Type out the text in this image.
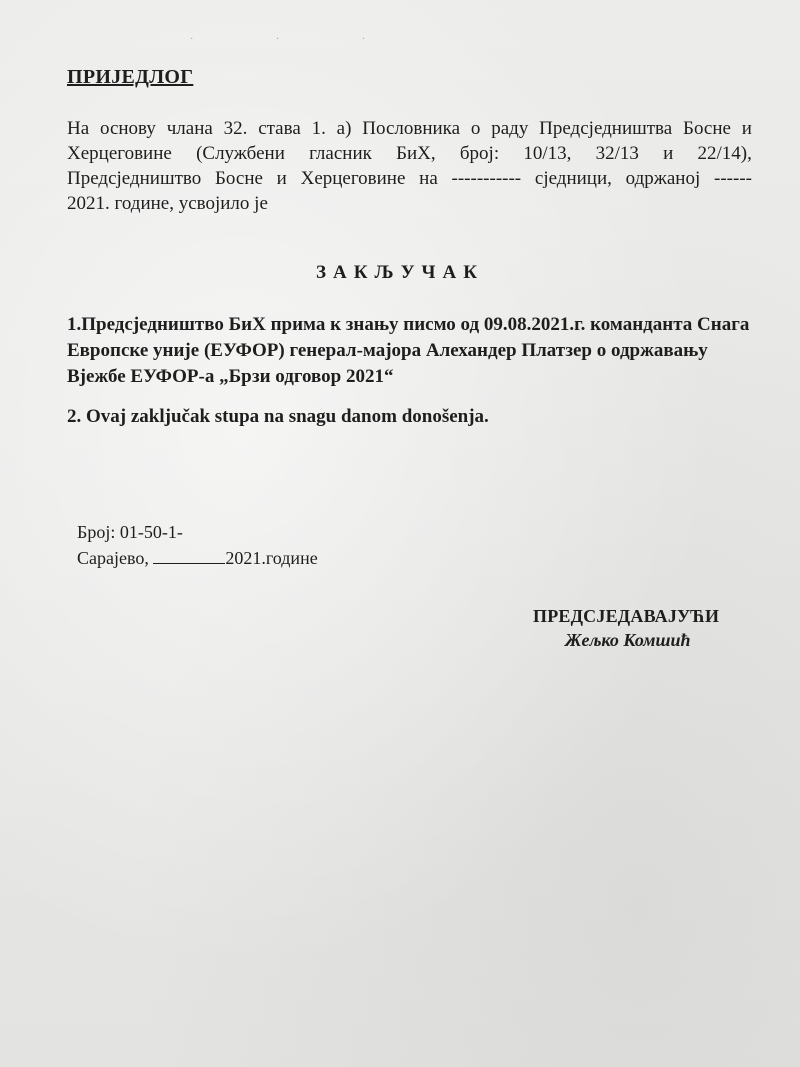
· · ·
ПРИЈЕДЛОГ
На основу члана 32. става 1. а) Пословника о раду Предсједништва Босне и
Херцеговине (Службени гласник БиХ, број: 10/13, 32/13 и 22/14),
Предсједништво Босне и Херцеговине на ----------- сједници, одржаној ------
2021. године, усвојило је
ЗАКЉУЧАК
1.Предсједништво БиХ прима к знању писмо од 09.08.2021.г. команданта Снага Европске уније (ЕУФОР) генерал-мајора Алехандер Платзер о одржавању Вјежбе ЕУФОР-а „Брзи одговор 2021“
2. Ovaj zaključak stupa na snagu danom donošenja.
Број: 01-50-1-
Сарајево,	2021.године
ПРЕДСЈЕДАВАЈУЋИ
Жељко Комшић
